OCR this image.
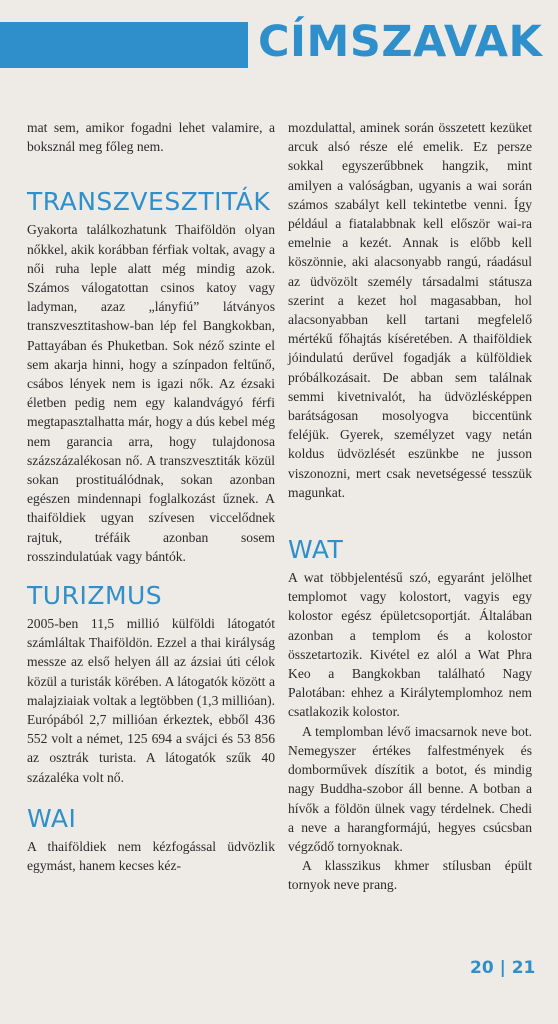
CÍMSZAVAK

mat sem, amikor fogadni lehet valamire, a boksznál meg főleg nem.

TRANSZVESZTITÁK

Gyakorta találkozhatunk Thaiföldön olyan nőkkel, akik korábban férfiak voltak, avagy a női ruha leple alatt még mindig azok. Számos válogatottan csinos katoy vagy ladyman, azaz „lányfiú” látványos transzvesztitashow-ban lép fel Bangkokban, Pattayában és Phuketban. Sok néző szinte el sem akarja hinni, hogy a színpadon feltűnő, csábos lények nem is igazi nők. Az ézsaki életben pedig nem egy kalandvágyó férfi megtapasztalhatta már, hogy a dús kebel még nem garancia arra, hogy tulajdonosa százszázalékosan nő. A transzvesztiták közül sokan prostituálódnak, sokan azonban egészen mindennapi foglalkozást űznek. A thaiföldiek ugyan szívesen viccelődnek rajtuk, tréfáik azonban sosem rosszindulatúak vagy bántók.

TURIZMUS

2005-ben 11,5 millió külföldi látogatót számláltak Thaiföldön. Ezzel a thai királyság messze az első helyen áll az ázsiai úti célok közül a turisták körében. A látogatók között a malajziaiak voltak a legtöbben (1,3 millióan). Európából 2,7 millióan érkeztek, ebből 436 552 volt a német, 125 694 a svájci és 53 856 az osztrák turista. A látogatók szűk 40 százaléka volt nő.

WAI

A thaiföldiek nem kézfogással üdvözlik egymást, hanem kecses kéz-

mozdulattal, aminek során összetett kezüket arcuk alsó része elé emelik. Ez persze sokkal egyszerűbbnek hangzik, mint amilyen a valóságban, ugyanis a wai során számos szabályt kell tekintetbe venni. Így például a fiatalabbnak kell először wai-ra emelnie a kezét. Annak is előbb kell köszönnie, aki alacsonyabb rangú, ráadásul az üdvözölt személy társadalmi státusza szerint a kezet hol magasabban, hol alacsonyabban kell tartani megfelelő mértékű főhajtás kíséretében. A thaiföldiek jóindulatú derűvel fogadják a külföldiek próbálkozásait. De abban sem találnak semmi kivetnivalót, ha üdvözlésképpen barátságosan mosolyogva biccentünk feléjük. Gyerek, személyzet vagy netán koldus üdvözlését eszünkbe ne jusson viszonozni, mert csak nevetségessé tesszük magunkat.

WAT

A wat többjelentésű szó, egyaránt jelölhet templomot vagy kolostort, vagyis egy kolostor egész épületcsoportját. Általában azonban a templom és a kolostor összetartozik. Kivétel ez alól a Wat Phra Keo a Bangkokban található Nagy Palotában: ehhez a Királytemplomhoz nem csatlakozik kolostor.

A templomban lévő imacsarnok neve bot. Nemegyszer értékes falfestmények és domborművek díszítik a botot, és mindig nagy Buddha-szobor áll benne. A botban a hívők a földön ülnek vagy térdelnek. Chedi a neve a harangformájú, hegyes csúcsban végződő tornyoknak.

A klasszikus khmer stílusban épült tornyok neve prang.

20 | 21
